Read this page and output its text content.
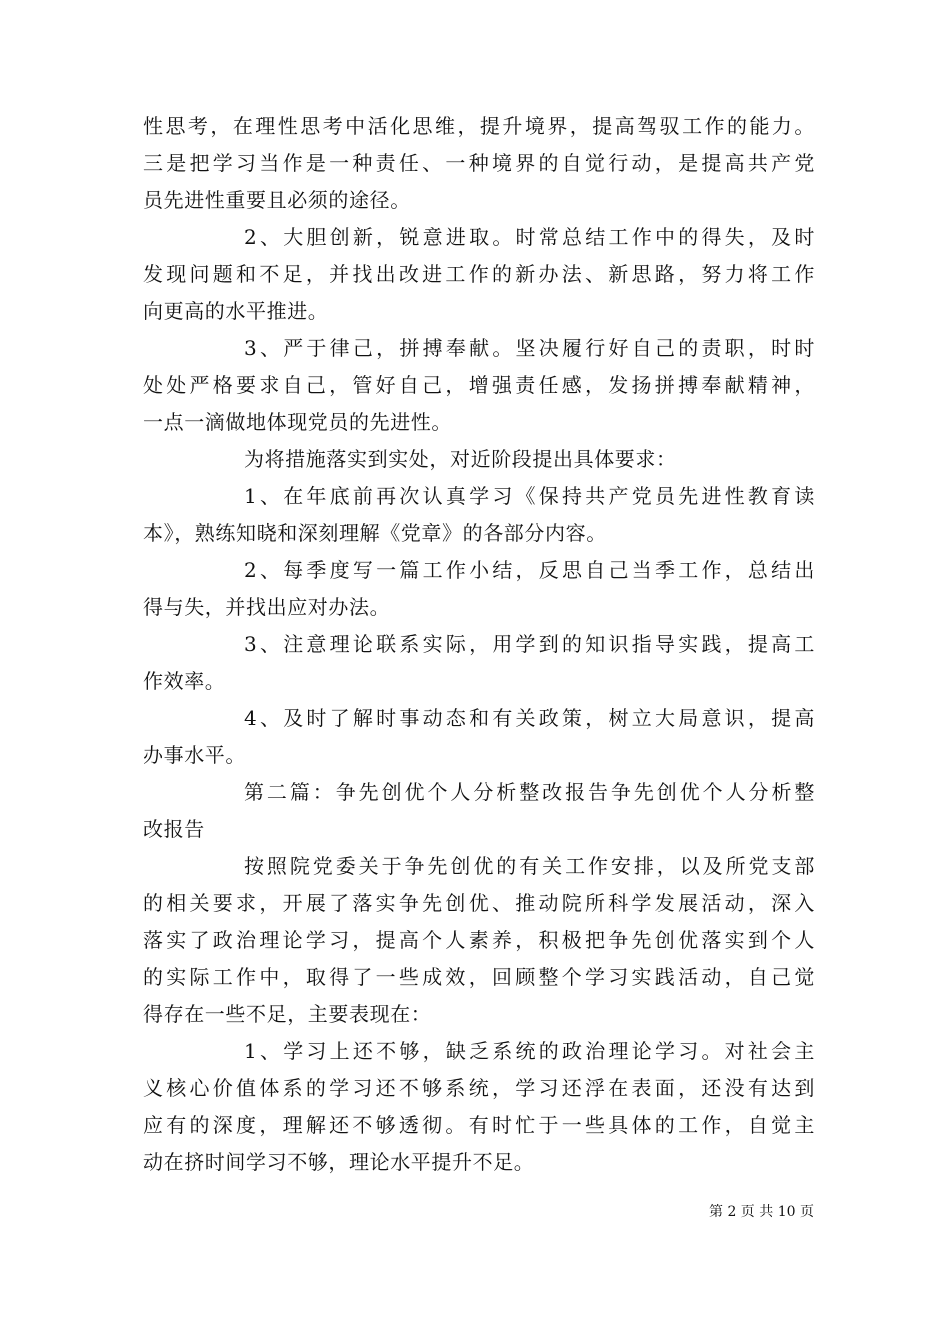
性思考，在理性思考中活化思维，提升境界，提高驾驭工作的能力。
三是把学习当作是一种责任、一种境界的自觉行动，是提高共产党
员先进性重要且必须的途径。
2、大胆创新，锐意进取。时常总结工作中的得失，及时
发现问题和不足，并找出改进工作的新办法、新思路，努力将工作
向更高的水平推进。
3、严于律己，拼搏奉献。坚决履行好自己的责职，时时
处处严格要求自己，管好自己，增强责任感，发扬拼搏奉献精神，
一点一滴做地体现党员的先进性。
为将措施落实到实处，对近阶段提出具体要求：
1、在年底前再次认真学习《保持共产党员先进性教育读
本》，熟练知晓和深刻理解《党章》的各部分内容。
2、每季度写一篇工作小结，反思自己当季工作，总结出
得与失，并找出应对办法。
3、注意理论联系实际，用学到的知识指导实践，提高工
作效率。
4、及时了解时事动态和有关政策，树立大局意识，提高
办事水平。
第二篇：争先创优个人分析整改报告争先创优个人分析整
改报告
按照院党委关于争先创优的有关工作安排，以及所党支部
的相关要求，开展了落实争先创优、推动院所科学发展活动，深入
落实了政治理论学习，提高个人素养，积极把争先创优落实到个人
的实际工作中，取得了一些成效，回顾整个学习实践活动，自己觉
得存在一些不足，主要表现在：
1、学习上还不够，缺乏系统的政治理论学习。对社会主
义核心价值体系的学习还不够系统，学习还浮在表面，还没有达到
应有的深度，理解还不够透彻。有时忙于一些具体的工作，自觉主
动在挤时间学习不够，理论水平提升不足。
第 2 页 共 10 页
